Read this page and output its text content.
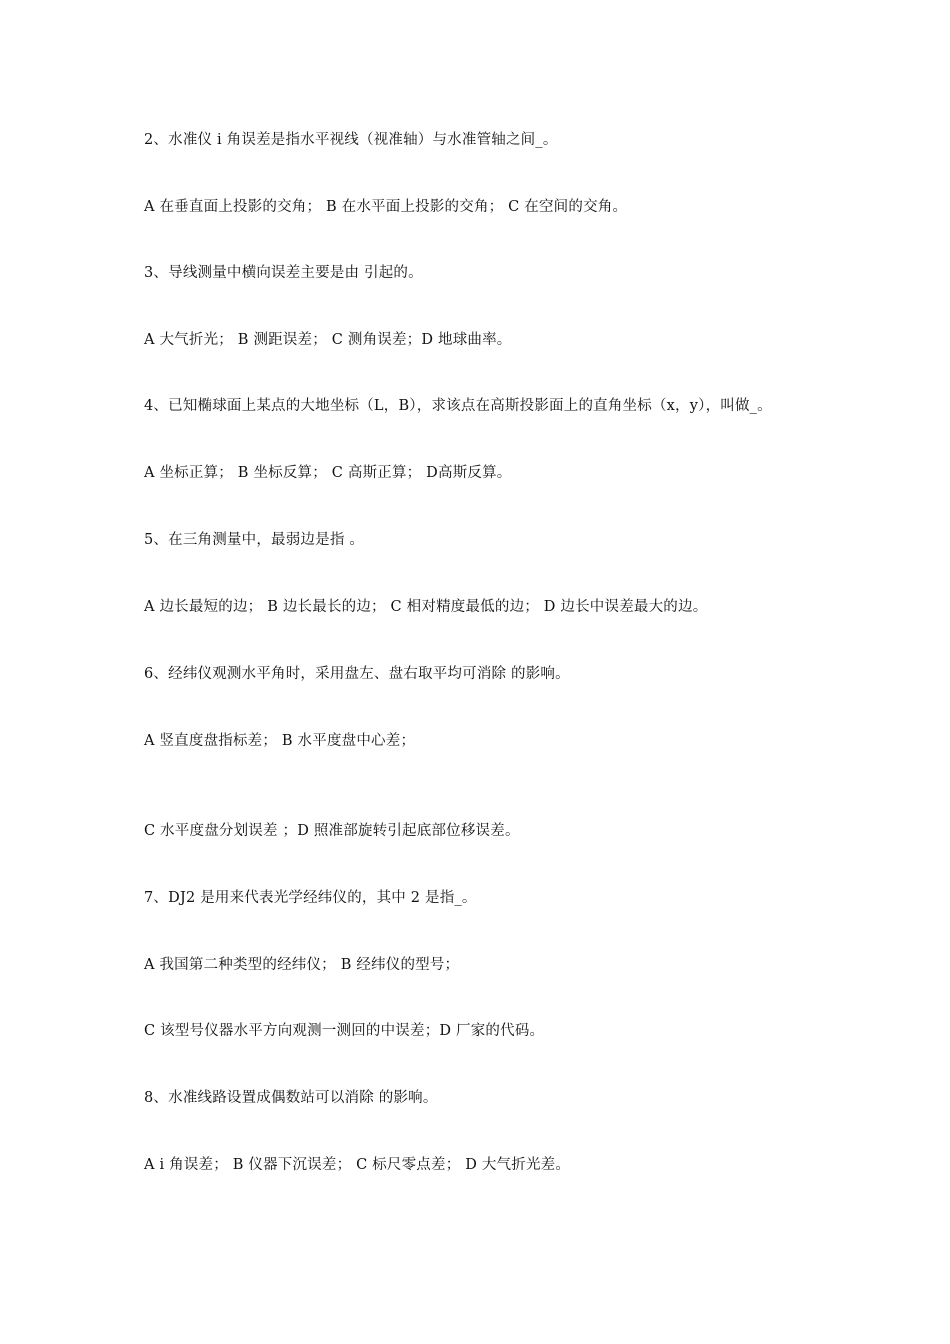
2、水准仪 i 角误差是指水平视线（视准轴）与水准管轴之间_。
A 在垂直面上投影的交角； B 在水平面上投影的交角； C 在空间的交角。
3、导线测量中横向误差主要是由 引起的。
A 大气折光； B 测距误差； C 测角误差；D 地球曲率。
4、已知椭球面上某点的大地坐标（L，B），求该点在高斯投影面上的直角坐标（x，y），叫做_。
A 坐标正算； B 坐标反算； C 高斯正算； D高斯反算。
5、在三角测量中，最弱边是指 。
A 边长最短的边； B 边长最长的边； C 相对精度最低的边； D 边长中误差最大的边。
6、经纬仪观测水平角时，采用盘左、盘右取平均可消除 的影响。
A 竖直度盘指标差； B 水平度盘中心差；
C 水平度盘分划误差 ；D 照准部旋转引起底部位移误差。
7、DJ2 是用来代表光学经纬仪的，其中 2 是指_。
A 我国第二种类型的经纬仪； B 经纬仪的型号；
C 该型号仪器水平方向观测一测回的中误差；D 厂家的代码。
8、水准线路设置成偶数站可以消除 的影响。
A i 角误差； B 仪器下沉误差； C 标尺零点差； D 大气折光差。
